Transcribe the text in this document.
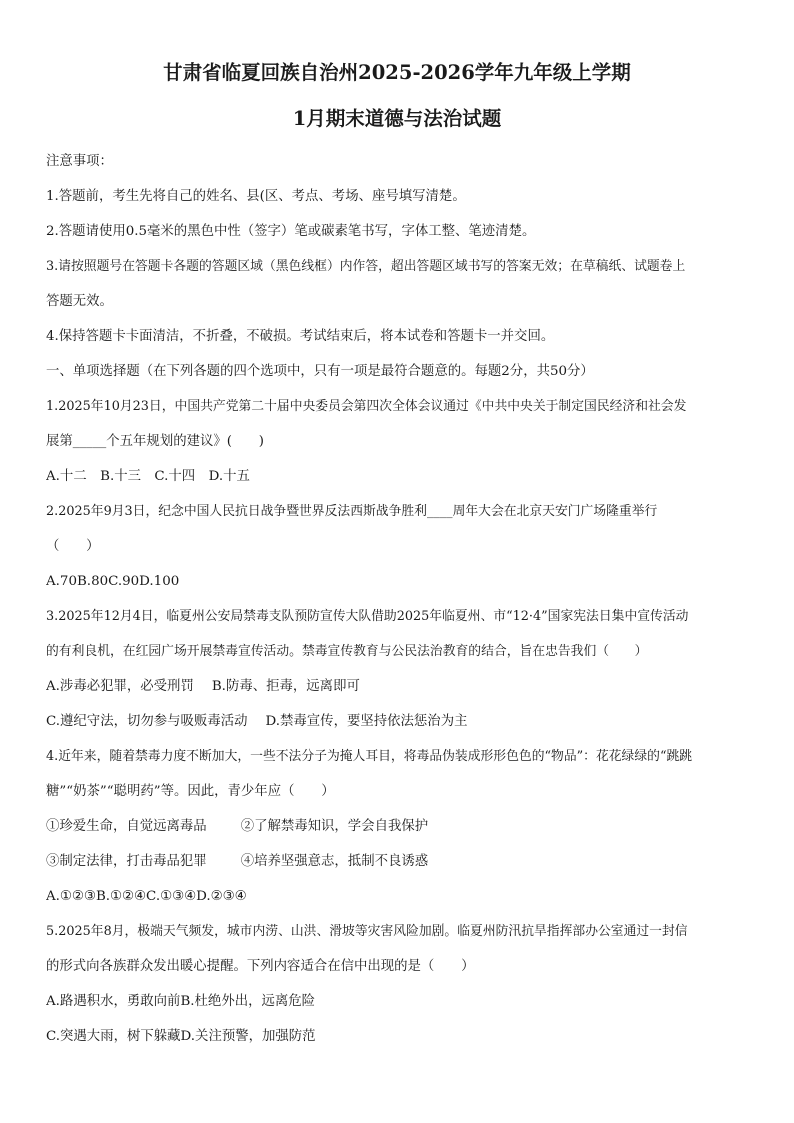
甘肃省临夏回族自治州2025-2026学年九年级上学期

1月期末道德与法治试题

注意事项：

1.答题前，考生先将自己的姓名、县(区、考点、考场、座号填写清楚。

2.答题请使用0.5毫米的黑色中性（签字）笔或碳素笔书写，字体工整、笔迹清楚。

3.请按照题号在答题卡各题的答题区域（黑色线框）内作答，超出答题区域书写的答案无效；在草稿纸、试题卷上

答题无效。

4.保持答题卡卡面清洁，不折叠，不破损。考试结束后，将本试卷和答题卡一并交回。

一、单项选择题（在下列各题的四个选项中，只有一项是最符合题意的。每题2分，共50分）

1.2025年10月23日，中国共产党第二十届中央委员会第四次全体会议通过《中共中央关于制定国民经济和社会发

展第_____个五年规划的建议》(　　)

A.十二　B.十三　C.十四　D.十五

2.2025年9月3日，纪念中国人民抗日战争暨世界反法西斯战争胜利____周年大会在北京天安门广场隆重举行

（　　）

A.70B.80C.90D.100

3.2025年12月4日，临夏州公安局禁毒支队预防宣传大队借助2025年临夏州、市“12·4”国家宪法日集中宣传活动

的有利良机，在红园广场开展禁毒宣传活动。禁毒宣传教育与公民法治教育的结合，旨在忠告我们（　　）

A.涉毒必犯罪，必受刑罚 B.防毒、拒毒，远离即可

C.遵纪守法，切勿参与吸贩毒活动 D.禁毒宣传，要坚持依法惩治为主

4.近年来，随着禁毒力度不断加大，一些不法分子为掩人耳目，将毒品伪装成形形色色的“物品”：花花绿绿的“跳跳

糖”“奶茶”“聪明药”等。因此，青少年应（　　）

①珍爱生命，自觉远离毒品	②了解禁毒知识，学会自我保护

③制定法律，打击毒品犯罪	④培养坚强意志，抵制不良诱惑

A.①②③B.①②④C.①③④D.②③④

5.2025年8月，极端天气频发，城市内涝、山洪、滑坡等灾害风险加剧。临夏州防汛抗旱指挥部办公室通过一封信

的形式向各族群众发出暖心提醒。下列内容适合在信中出现的是（　　）

A.路遇积水，勇敢向前B.杜绝外出，远离危险

C.突遇大雨，树下躲藏D.关注预警，加强防范
